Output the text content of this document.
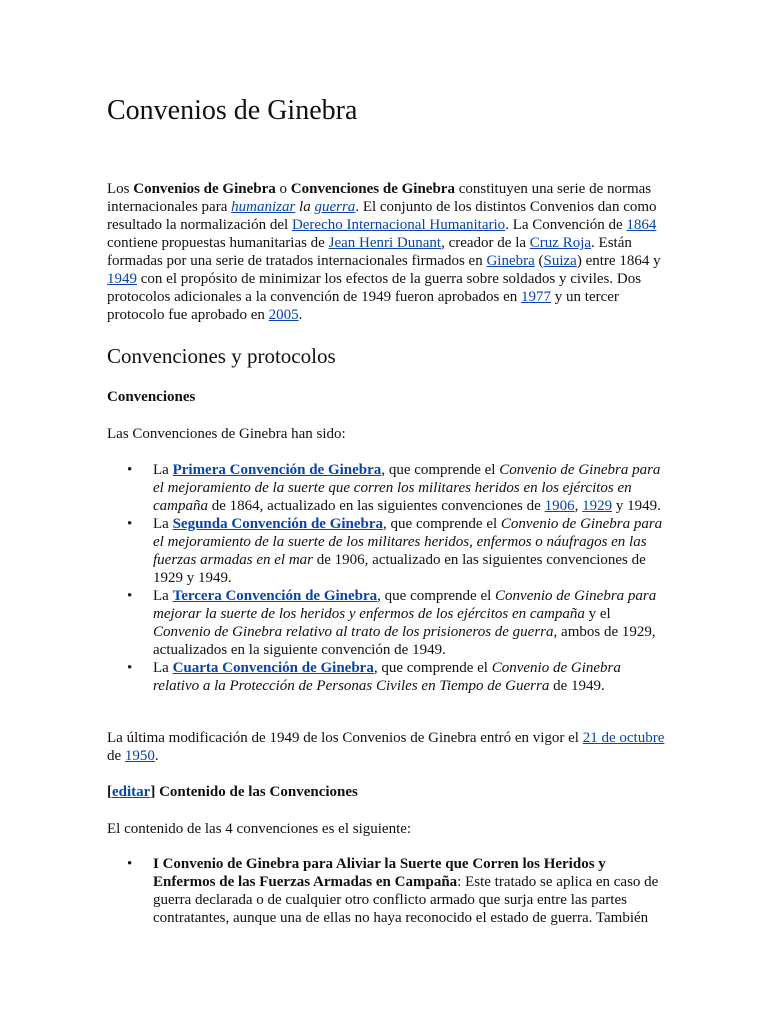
Convenios de Ginebra

Los Convenios de Ginebra o Convenciones de Ginebra constituyen una serie de normas internacionales para humanizar la guerra. El conjunto de los distintos Convenios dan como resultado la normalización del Derecho Internacional Humanitario. La Convención de 1864 contiene propuestas humanitarias de Jean Henri Dunant, creador de la Cruz Roja. Están formadas por una serie de tratados internacionales firmados en Ginebra (Suiza) entre 1864 y 1949 con el propósito de minimizar los efectos de la guerra sobre soldados y civiles. Dos protocolos adicionales a la convención de 1949 fueron aprobados en 1977 y un tercer protocolo fue aprobado en 2005.

Convenciones y protocolos
Convenciones

Las Convenciones de Ginebra han sido:

• La Primera Convención de Ginebra, que comprende el Convenio de Ginebra para el mejoramiento de la suerte que corren los militares heridos en los ejércitos en campaña de 1864, actualizado en las siguientes convenciones de 1906, 1929 y 1949.
• La Segunda Convención de Ginebra, que comprende el Convenio de Ginebra para el mejoramiento de la suerte de los militares heridos, enfermos o náufragos en las fuerzas armadas en el mar de 1906, actualizado en las siguientes convenciones de 1929 y 1949.
• La Tercera Convención de Ginebra, que comprende el Convenio de Ginebra para mejorar la suerte de los heridos y enfermos de los ejércitos en campaña y el Convenio de Ginebra relativo al trato de los prisioneros de guerra, ambos de 1929, actualizados en la siguiente convención de 1949.
• La Cuarta Convención de Ginebra, que comprende el Convenio de Ginebra relativo a la Protección de Personas Civiles en Tiempo de Guerra de 1949.

La última modificación de 1949 de los Convenios de Ginebra entró en vigor el 21 de octubre de 1950.

[editar] Contenido de las Convenciones

El contenido de las 4 convenciones es el siguiente:

• I Convenio de Ginebra para Aliviar la Suerte que Corren los Heridos y Enfermos de las Fuerzas Armadas en Campaña: Este tratado se aplica en caso de guerra declarada o de cualquier otro conflicto armado que surja entre las partes contratantes, aunque una de ellas no haya reconocido el estado de guerra. También
